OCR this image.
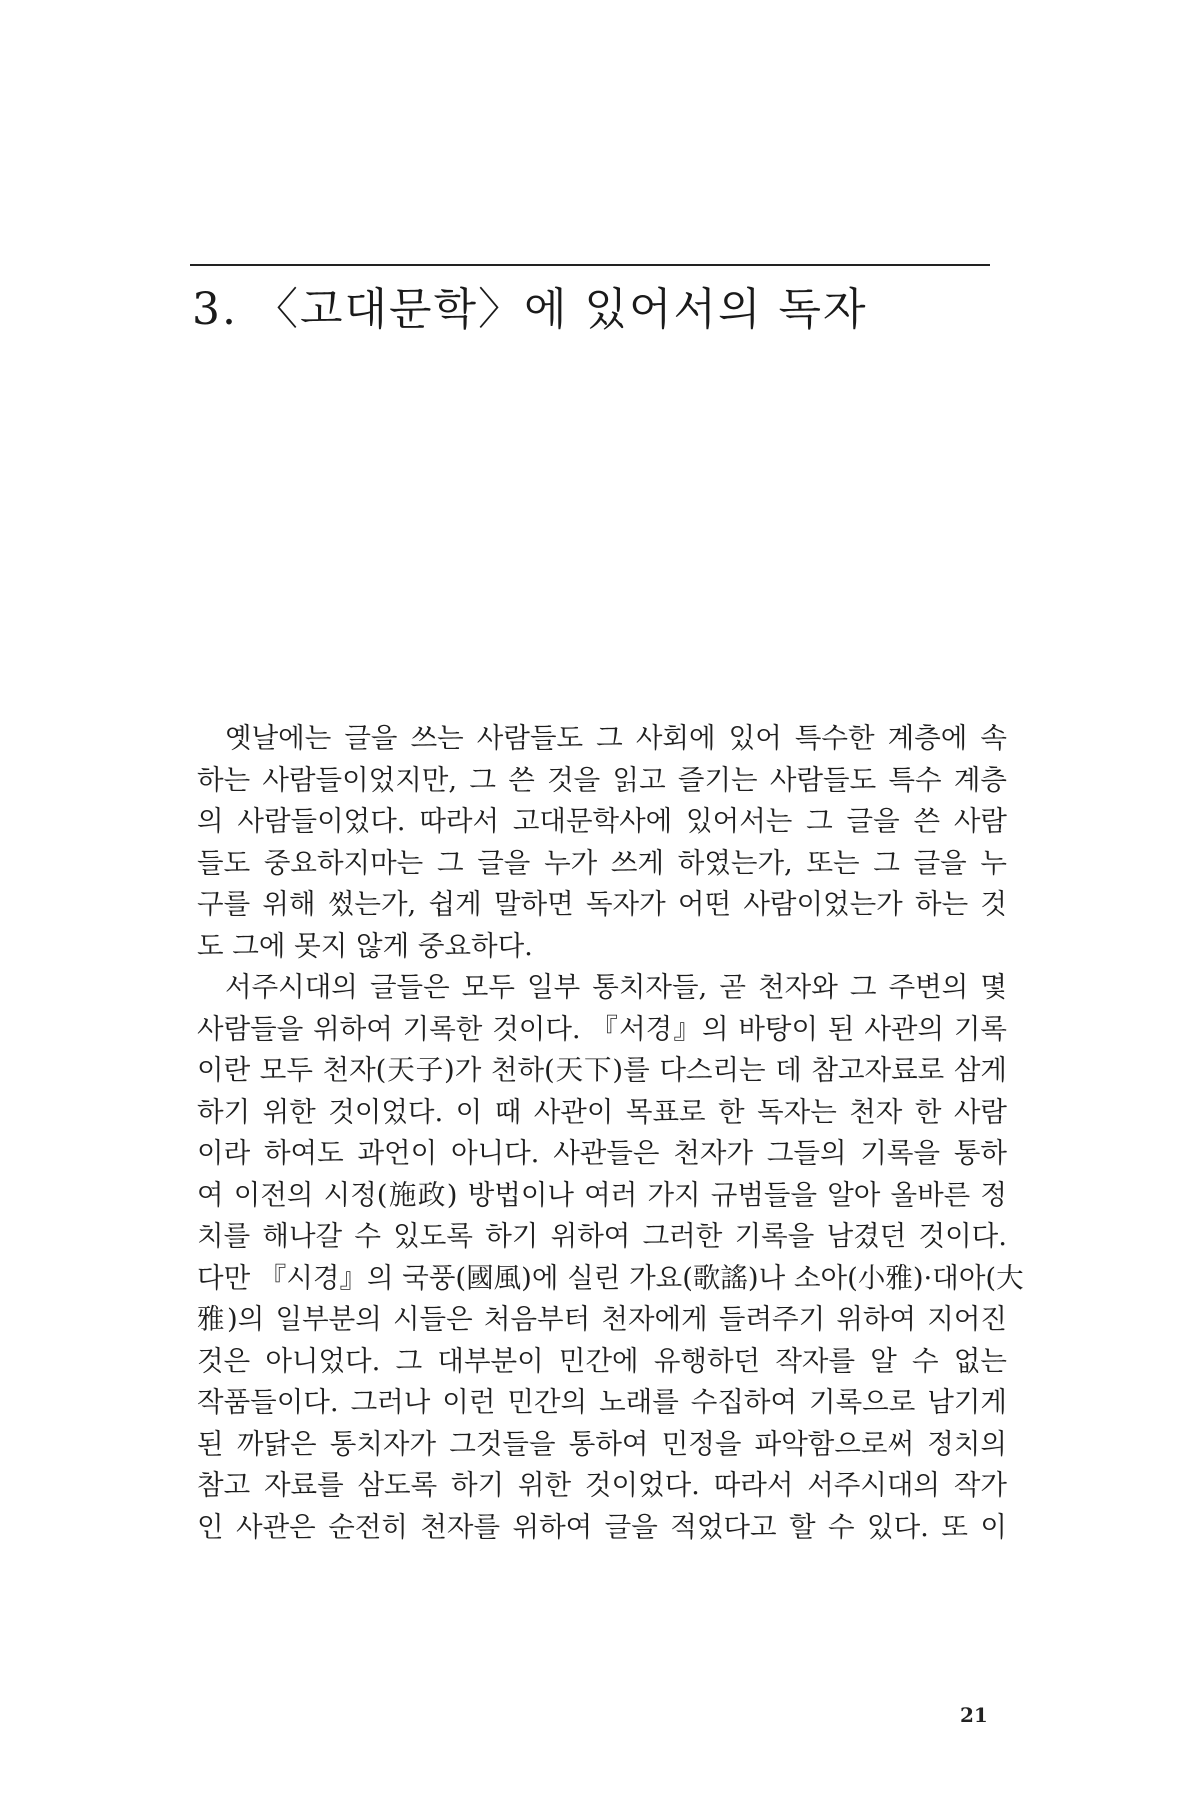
3. 〈고대문학〉에 있어서의 독자

옛날에는 글을 쓰는 사람들도 그 사회에 있어 특수한 계층에 속
하는 사람들이었지만, 그 쓴 것을 읽고 즐기는 사람들도 특수 계층
의 사람들이었다. 따라서 고대문학사에 있어서는 그 글을 쓴 사람
들도 중요하지마는 그 글을 누가 쓰게 하였는가, 또는 그 글을 누
구를 위해 썼는가, 쉽게 말하면 독자가 어떤 사람이었는가 하는 것
도 그에 못지 않게 중요하다.

서주시대의 글들은 모두 일부 통치자들, 곧 천자와 그 주변의 몇
사람들을 위하여 기록한 것이다. 『서경』의 바탕이 된 사관의 기록
이란 모두 천자(天子)가 천하(天下)를 다스리는 데 참고자료로 삼게
하기 위한 것이었다. 이 때 사관이 목표로 한 독자는 천자 한 사람
이라 하여도 과언이 아니다. 사관들은 천자가 그들의 기록을 통하
여 이전의 시정(施政) 방법이나 여러 가지 규범들을 알아 올바른 정
치를 해나갈 수 있도록 하기 위하여 그러한 기록을 남겼던 것이다.
다만 『시경』의 국풍(國風)에 실린 가요(歌謠)나 소아(小雅)·대아(大
雅)의 일부분의 시들은 처음부터 천자에게 들려주기 위하여 지어진
것은 아니었다. 그 대부분이 민간에 유행하던 작자를 알 수 없는
작품들이다. 그러나 이런 민간의 노래를 수집하여 기록으로 남기게
된 까닭은 통치자가 그것들을 통하여 민정을 파악함으로써 정치의
참고 자료를 삼도록 하기 위한 것이었다. 따라서 서주시대의 작가
인 사관은 순전히 천자를 위하여 글을 적었다고 할 수 있다. 또 이

21
